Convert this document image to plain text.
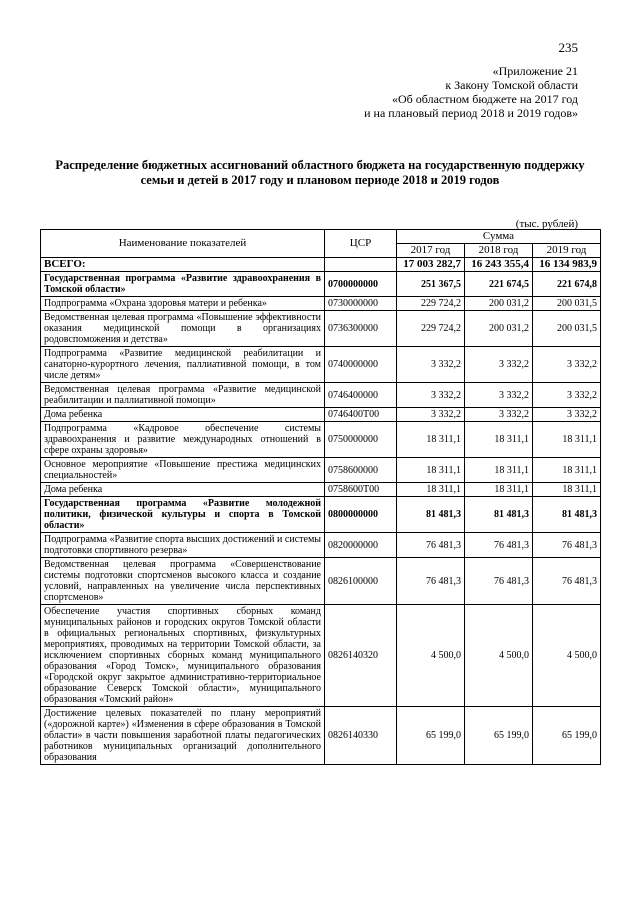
235
«Приложение 21
к Закону Томской области
«Об областном бюджете на 2017 год
и на плановый период 2018 и 2019 годов»
Распределение бюджетных ассигнований областного бюджета на государственную поддержку семьи и детей в 2017 году и плановом периоде 2018 и 2019 годов
(тыс. рублей)
Наименование показателей	ЦСР	Сумма		
		2017 год	2018 год	2019 год
ВСЕГО:		17 003 282,7	16 243 355,4	16 134 983,9
Государственная программа «Развитие здравоохранения в Томской области»	0700000000	251 367,5	221 674,5	221 674,8
Подпрограмма «Охрана здоровья матери и ребенка»	0730000000	229 724,2	200 031,2	200 031,5
Ведомственная целевая программа «Повышение эффективности оказания медицинской помощи в организациях родовспоможения и детства»	0736300000	229 724,2	200 031,2	200 031,5
Подпрограмма «Развитие медицинской реабилитации и санаторно-курортного лечения, паллиативной помощи, в том числе детям»	0740000000	3 332,2	3 332,2	3 332,2
Ведомственная целевая программа «Развитие медицинской реабилитации и паллиативной помощи»	0746400000	3 332,2	3 332,2	3 332,2
Дома ребенка	0746400Т00	3 332,2	3 332,2	3 332,2
Подпрограмма «Кадровое обеспечение системы здравоохранения и развитие международных отношений в сфере охраны здоровья»	0750000000	18 311,1	18 311,1	18 311,1
Основное мероприятие «Повышение престижа медицинских специальностей»	0758600000	18 311,1	18 311,1	18 311,1
Дома ребенка	0758600Т00	18 311,1	18 311,1	18 311,1
Государственная программа «Развитие молодежной политики, физической культуры и спорта в Томской области»	0800000000	81 481,3	81 481,3	81 481,3
Подпрограмма «Развитие спорта высших достижений и системы подготовки спортивного резерва»	0820000000	76 481,3	76 481,3	76 481,3
Ведомственная целевая программа «Совершенствование системы подготовки спортсменов высокого класса и создание условий, направленных на увеличение числа перспективных спортсменов»	0826100000	76 481,3	76 481,3	76 481,3
Обеспечение участия спортивных сборных команд муниципальных районов и городских округов Томской области в официальных региональных спортивных, физкультурных мероприятиях, проводимых на территории Томской области, за исключением спортивных сборных команд муниципального образования «Город Томск», муниципального образования «Городской округ закрытое административно-территориальное образование Северск Томской области», муниципального образования «Томский район»	0826140320	4 500,0	4 500,0	4 500,0
Достижение целевых показателей по плану мероприятий («дорожной карте») «Изменения в сфере образования в Томской области» в части повышения заработной платы педагогических работников муниципальных организаций дополнительного образования	0826140330	65 199,0	65 199,0	65 199,0
